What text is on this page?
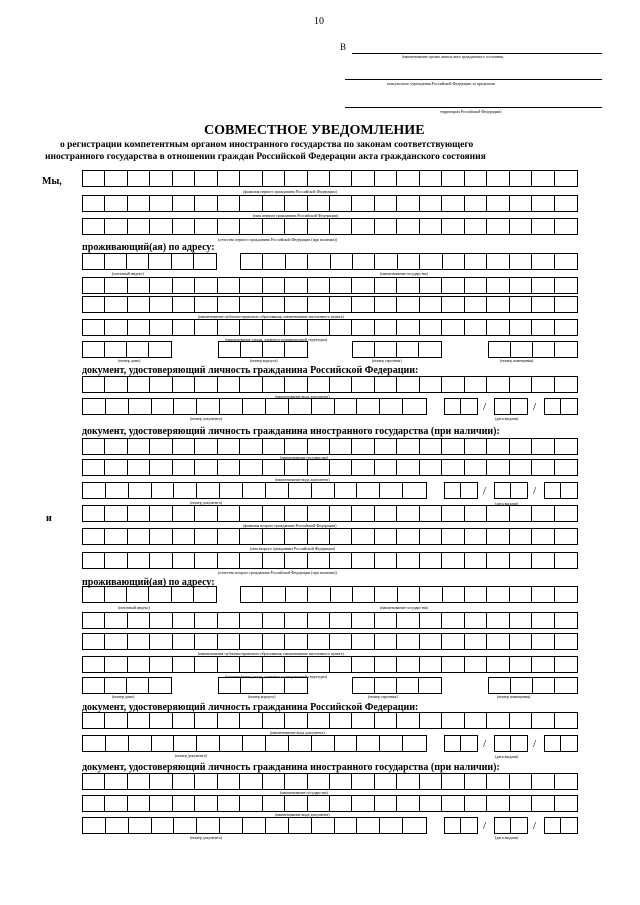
10
В
(наименование органа записи акта гражданского состояния,
консульского учреждения Российской Федерации за пределами
территории Российской Федерации)
СОВМЕСТНОЕ УВЕДОМЛЕНИЕ
о регистрации компетентным органом иностранного государства по законам соответствующего
иностранного государства в отношении граждан Российской Федерации акта гражданского состояния
Мы,
и
(фамилия первого гражданина Российской Федерации)
(имя первого гражданина Российской Федерации)
(отчество первого гражданина Российской Федерации (при наличии))
проживающий(ая) по адресу:
(почтовый индекс)	(наименование государства)
(наименование публично-правового образования, наименование населенного пункта)
(наименование улицы, элемента планировочной структуры)
(номер дома)	(номер корпуса)	(номер строения)	(номер помещения)
документ, удостоверяющий личность гражданина Российской Федерации:
(наименование вида документа)
/	/
(номер документа)	(дата выдачи)
документ, удостоверяющий личность гражданина иностранного государства (при наличии):
(наименование государства)
(наименование вида документа)
/	/
(номер документа)	(дата выдачи)
(фамилия второго гражданина Российской Федерации)
(имя второго гражданина Российской Федерации)
(отчество второго гражданина Российской Федерации (при наличии))
проживающий(ая) по адресу:
(почтовый индекс)	(наименование государства)
(наименование публично-правового образования, наименование населенного пункта)
(наименование улицы, элемента планировочной структуры)
(номер дома)	(номер корпуса)	(номер строения)	(номер помещения)
документ, удостоверяющий личность гражданина Российской Федерации:
(наименование вида документа)
/	/
(номер документа)	(дата выдачи)
документ, удостоверяющий личность гражданина иностранного государства (при наличии):
(наименование государства)
(наименование вида документа)
/	/
(номер документа)	(дата выдачи)
